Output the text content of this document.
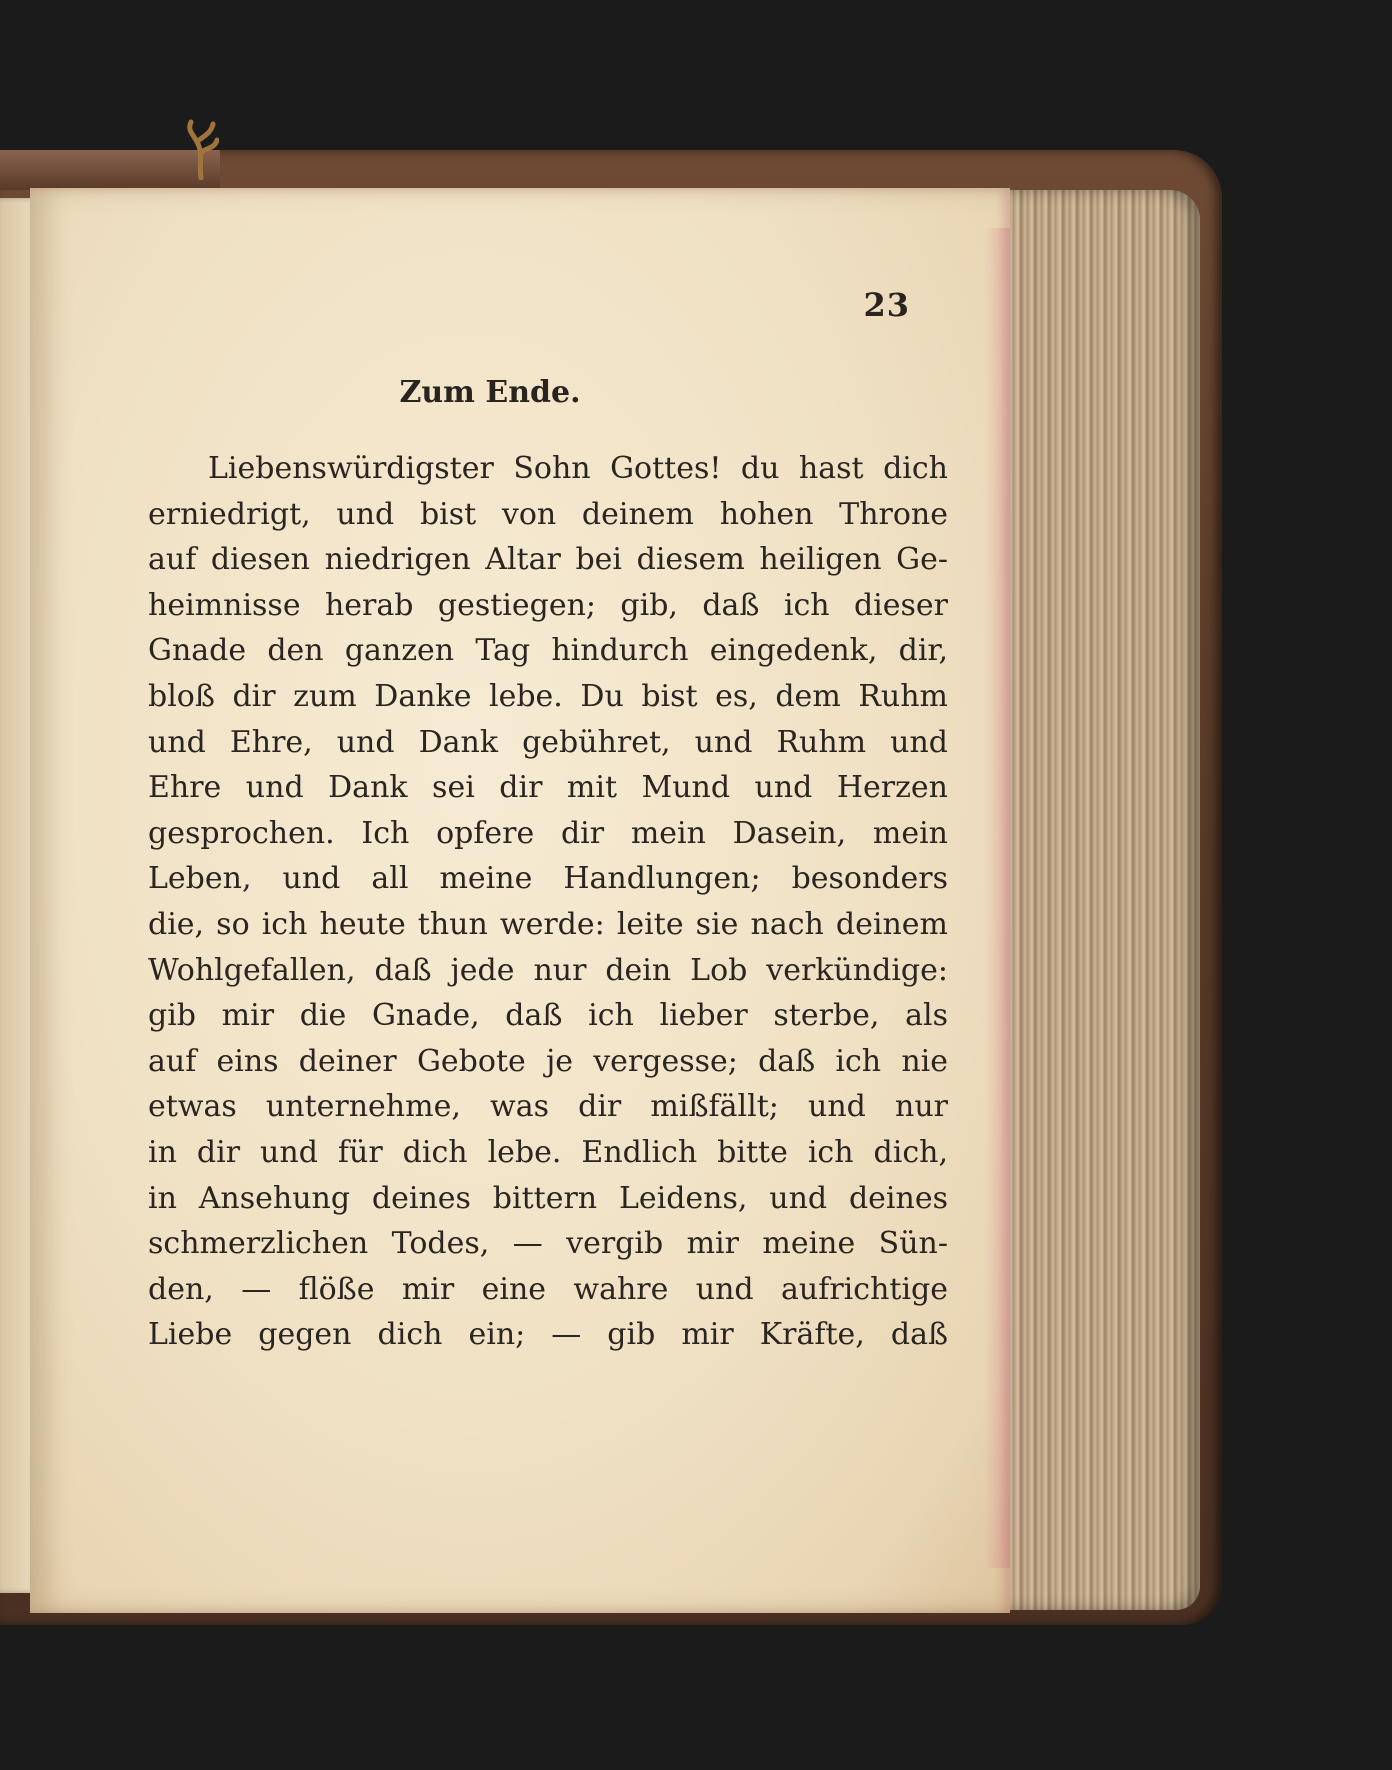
23
Zum Ende.
Liebenswürdigster Sohn Gottes! du hast dich
erniedrigt, und bist von deinem hohen Throne
auf diesen niedrigen Altar bei diesem heiligen Ge-
heimnisse herab gestiegen; gib, daß ich dieser
Gnade den ganzen Tag hindurch eingedenk, dir,
bloß dir zum Danke lebe. Du bist es, dem Ruhm
und Ehre, und Dank gebühret, und Ruhm und
Ehre und Dank sei dir mit Mund und Herzen
gesprochen. Ich opfere dir mein Dasein, mein
Leben, und all meine Handlungen; besonders
die, so ich heute thun werde: leite sie nach deinem
Wohlgefallen, daß jede nur dein Lob verkündige:
gib mir die Gnade, daß ich lieber sterbe, als
auf eins deiner Gebote je vergesse; daß ich nie
etwas unternehme, was dir mißfällt; und nur
in dir und für dich lebe. Endlich bitte ich dich,
in Ansehung deines bittern Leidens, und deines
schmerzlichen Todes, — vergib mir meine Sün-
den, — flöße mir eine wahre und aufrichtige
Liebe gegen dich ein; — gib mir Kräfte, daß
